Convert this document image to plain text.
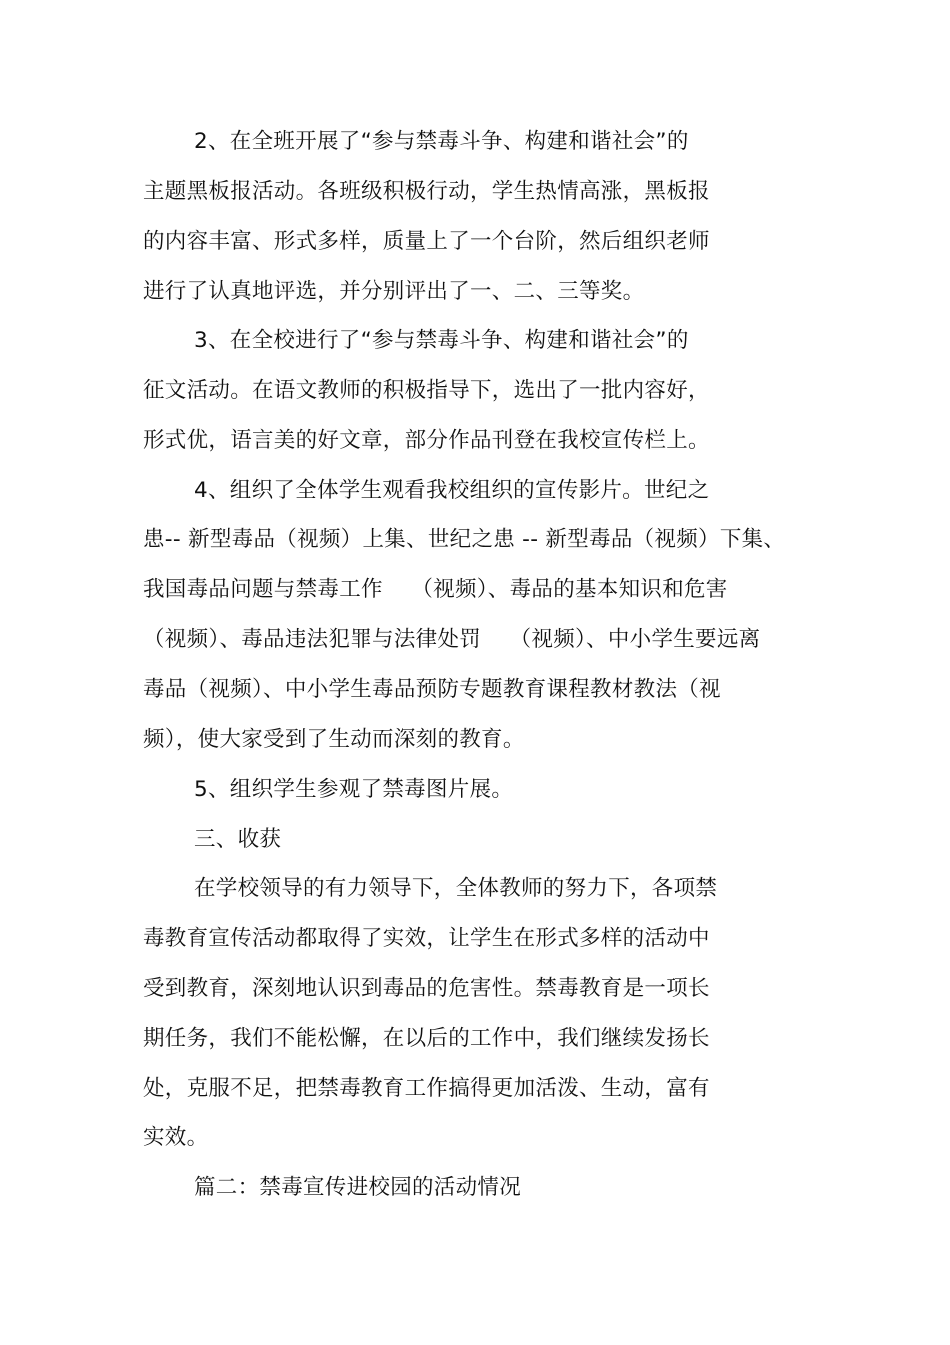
2、在全班开展了“参与禁毒斗争、构建和谐社会”的
主题黑板报活动。各班级积极行动，学生热情高涨，黑板报
的内容丰富、形式多样，质量上了一个台阶，然后组织老师
进行了认真地评选，并分别评出了一、二、三等奖。
3、在全校进行了“参与禁毒斗争、构建和谐社会”的
征文活动。在语文教师的积极指导下，选出了一批内容好，
形式优，语言美的好文章，部分作品刊登在我校宣传栏上。
4、组织了全体学生观看我校组织的宣传影片。世纪之
患-- 新型毒品（视频）上集、世纪之患 -- 新型毒品（视频）下集、
我国毒品问题与禁毒工作    （视频）、毒品的基本知识和危害
（视频）、毒品违法犯罪与法律处罚    （视频）、中小学生要远离
毒品（视频）、中小学生毒品预防专题教育课程教材教法（视
频），使大家受到了生动而深刻的教育。
5、组织学生参观了禁毒图片展。
三、收获
在学校领导的有力领导下，全体教师的努力下，各项禁
毒教育宣传活动都取得了实效，让学生在形式多样的活动中
受到教育，深刻地认识到毒品的危害性。禁毒教育是一项长
期任务，我们不能松懈，在以后的工作中，我们继续发扬长
处，克服不足，把禁毒教育工作搞得更加活泼、生动，富有
实效。
篇二：禁毒宣传进校园的活动情况
